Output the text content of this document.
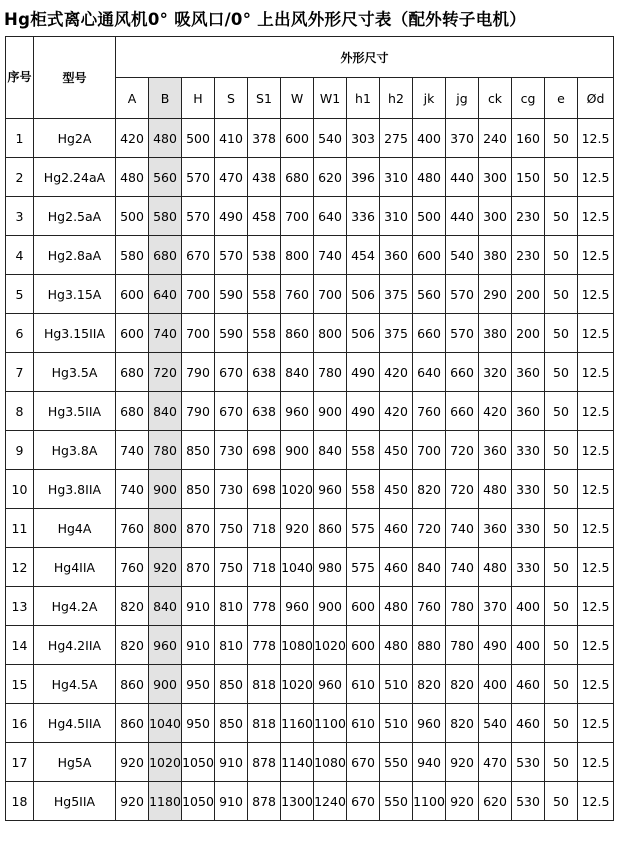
Hg柜式离心通风机0° 吸风口/0° 上出风外形尺寸表（配外转子电机）
序号	型号	外形尺寸														
		A	B	H	S	S1	W	W1	h1	h2	jk	jg	ck	cg	e	Ød
1	Hg2A	420	480	500	410	378	600	540	303	275	400	370	240	160	50	12.5
2	Hg2.24aA	480	560	570	470	438	680	620	396	310	480	440	300	150	50	12.5
3	Hg2.5aA	500	580	570	490	458	700	640	336	310	500	440	300	230	50	12.5
4	Hg2.8aA	580	680	670	570	538	800	740	454	360	600	540	380	230	50	12.5
5	Hg3.15A	600	640	700	590	558	760	700	506	375	560	570	290	200	50	12.5
6	Hg3.15IIA	600	740	700	590	558	860	800	506	375	660	570	380	200	50	12.5
7	Hg3.5A	680	720	790	670	638	840	780	490	420	640	660	320	360	50	12.5
8	Hg3.5IIA	680	840	790	670	638	960	900	490	420	760	660	420	360	50	12.5
9	Hg3.8A	740	780	850	730	698	900	840	558	450	700	720	360	330	50	12.5
10	Hg3.8IIA	740	900	850	730	698	1020	960	558	450	820	720	480	330	50	12.5
11	Hg4A	760	800	870	750	718	920	860	575	460	720	740	360	330	50	12.5
12	Hg4IIA	760	920	870	750	718	1040	980	575	460	840	740	480	330	50	12.5
13	Hg4.2A	820	840	910	810	778	960	900	600	480	760	780	370	400	50	12.5
14	Hg4.2IIA	820	960	910	810	778	1080	1020	600	480	880	780	490	400	50	12.5
15	Hg4.5A	860	900	950	850	818	1020	960	610	510	820	820	400	460	50	12.5
16	Hg4.5IIA	860	1040	950	850	818	1160	1100	610	510	960	820	540	460	50	12.5
17	Hg5A	920	1020	1050	910	878	1140	1080	670	550	940	920	470	530	50	12.5
18	Hg5IIA	920	1180	1050	910	878	1300	1240	670	550	1100	920	620	530	50	12.5
